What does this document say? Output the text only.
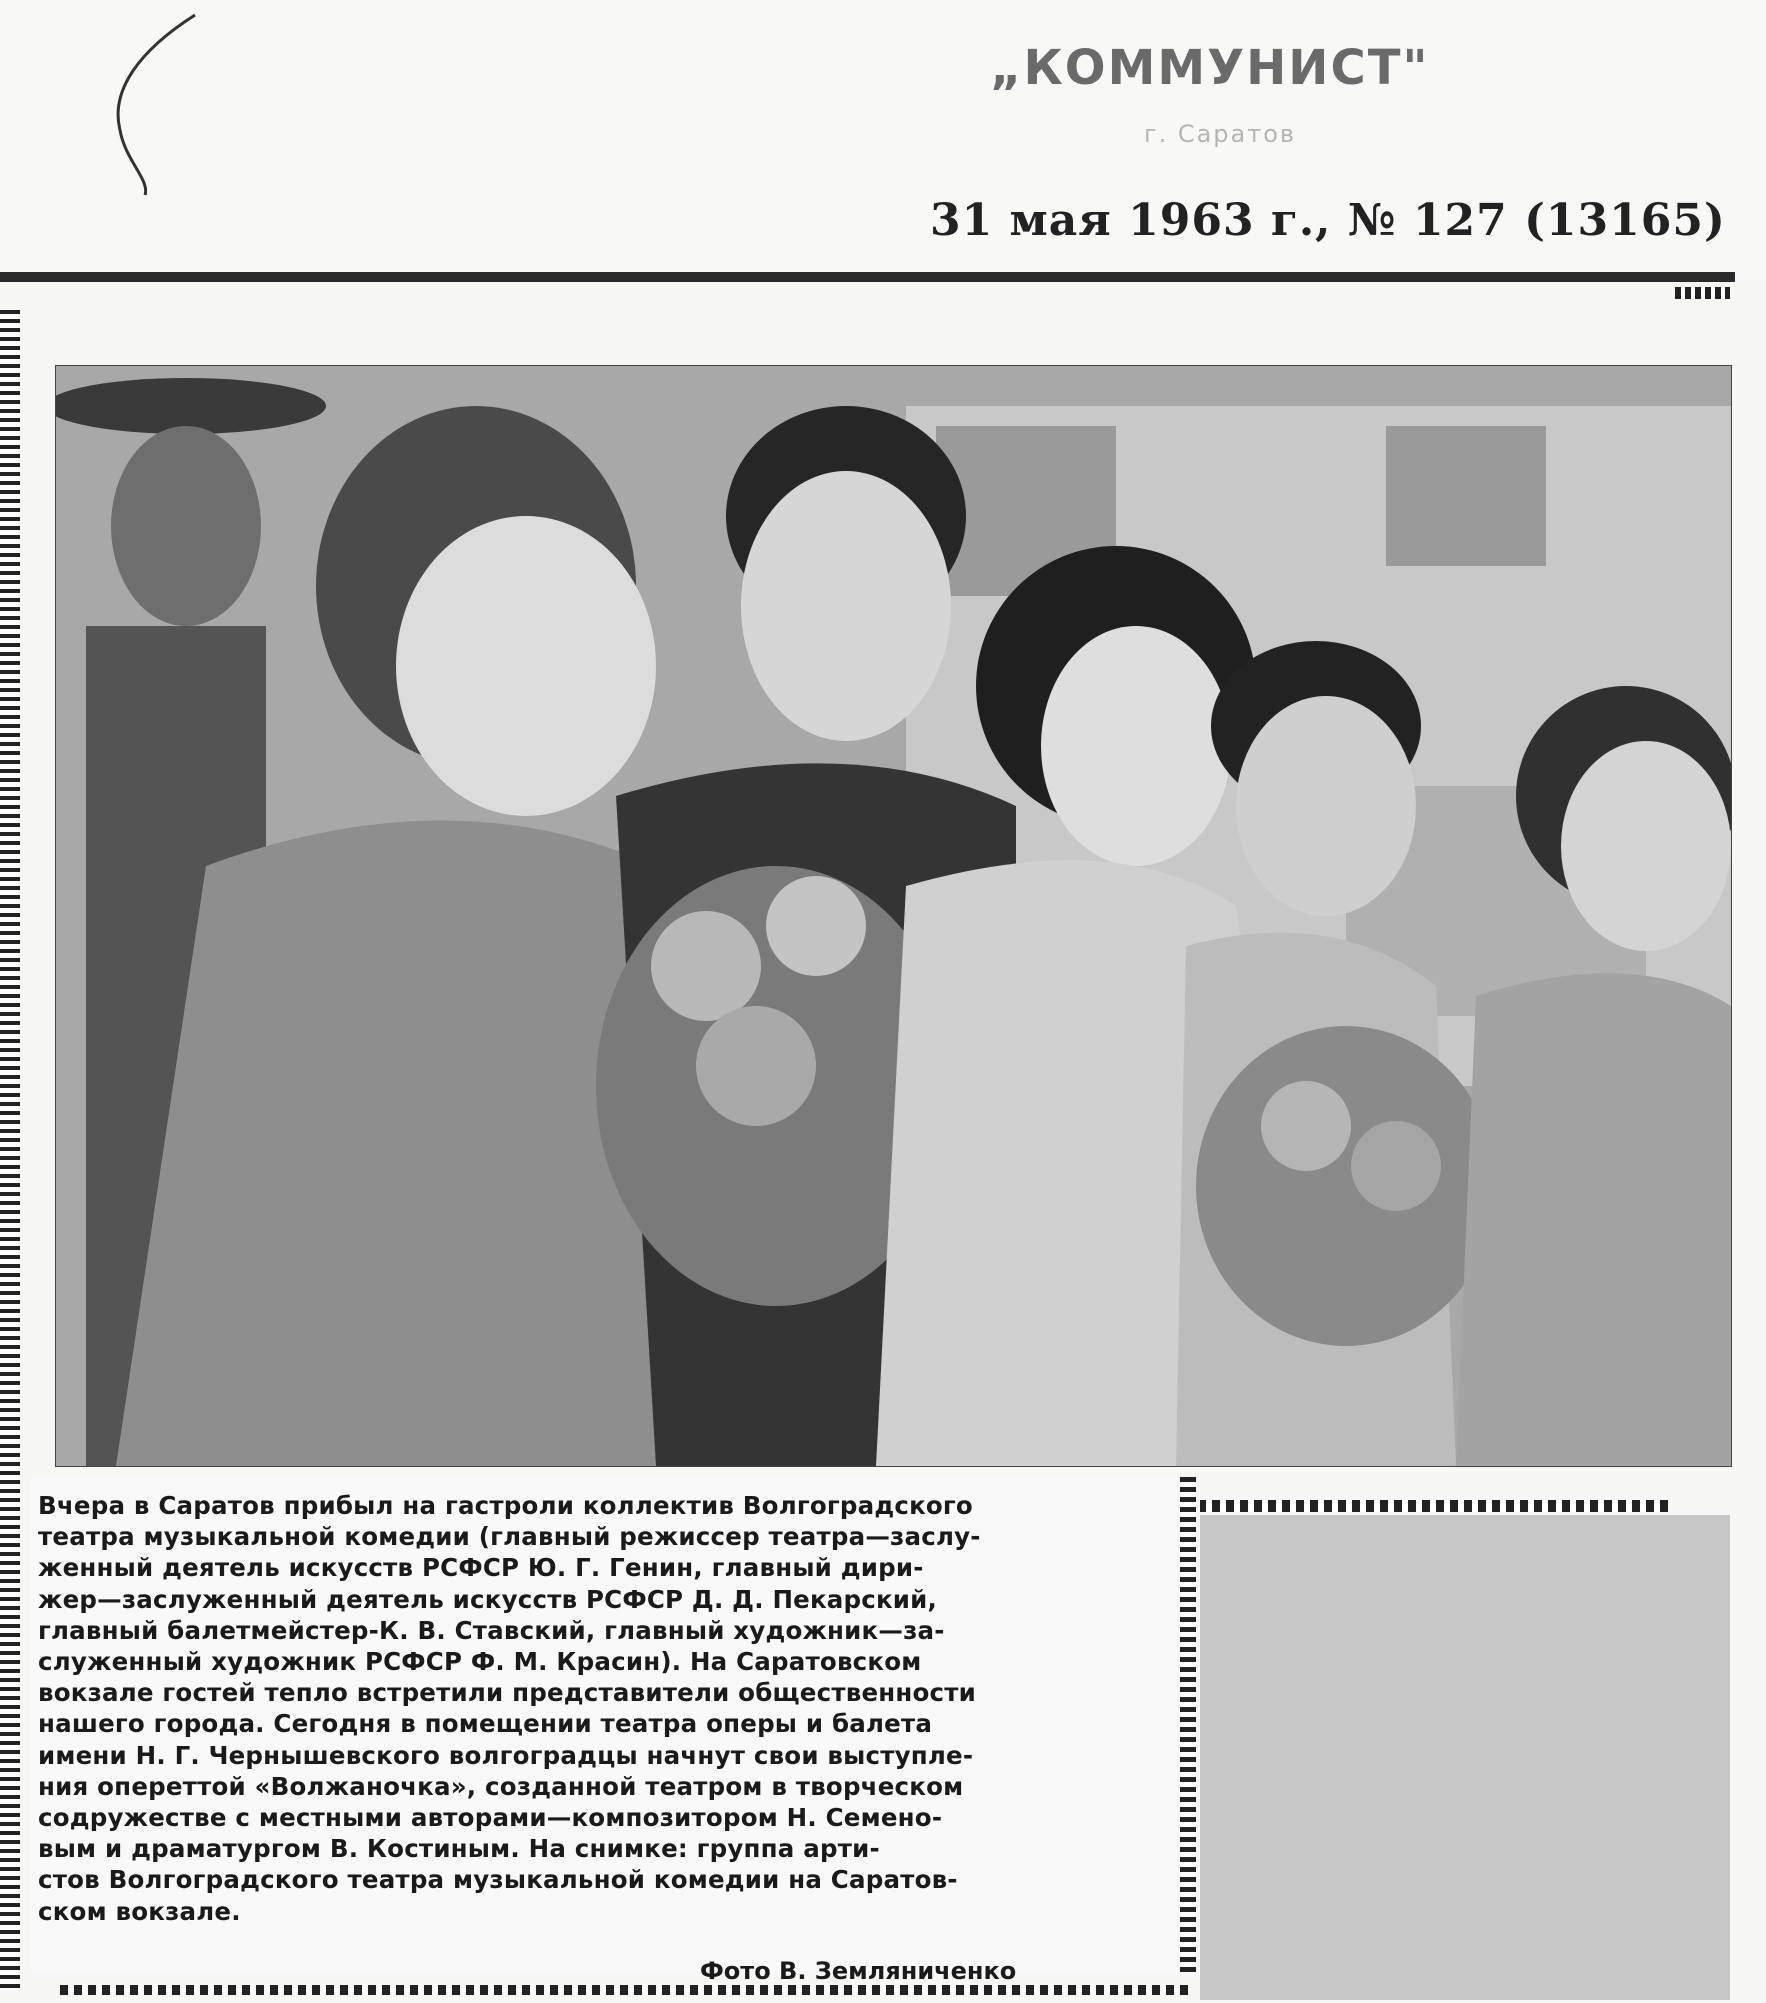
„КОММУНИСТ"
г. Саратов
31 мая 1963 г., № 127 (13165)
Вчера в Саратов прибыл на гастроли коллектив Волгоградского
театра музыкальной комедии (главный режиссер театра—заслу-
женный деятель искусств РСФСР Ю. Г. Генин, главный дири-
жер—заслуженный деятель искусств РСФСР Д. Д. Пекарский,
главный балетмейстер-К. В. Ставский, главный художник—за-
служенный художник РСФСР Ф. М. Красин). На Саратовском
вокзале гостей тепло встретили представители общественности
нашего города. Сегодня в помещении театра оперы и балета
имени Н. Г. Чернышевского волгоградцы начнут свои выступле-
ния опереттой «Волжаночка», созданной театром в творческом
содружестве с местными авторами—композитором Н. Семено-
вым и драматургом В. Костиным. На снимке: группа арти-
стов Волгоградского театра музыкальной комедии на Саратов-
ском вокзале.
Фото В. Земляниченко
